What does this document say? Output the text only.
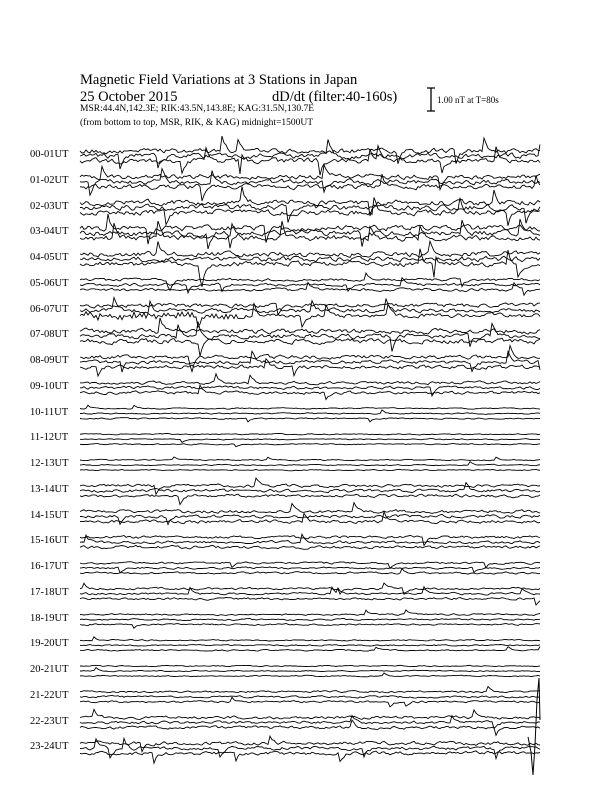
Magnetic Field Variations at 3 Stations in Japan
25 October 2015	dD/dt (filter:40-160s)
MSR:44.4N,142.3E; RIK:43.5N,143.8E; KAG:31.5N,130.7E
(from bottom to top, MSR, RIK, & KAG) midnight=1500UT
1.00 nT at T=80s
00-01UT
01-02UT
02-03UT
03-04UT
04-05UT
05-06UT
06-07UT
07-08UT
08-09UT
09-10UT
10-11UT
11-12UT
12-13UT
13-14UT
14-15UT
15-16UT
16-17UT
17-18UT
18-19UT
19-20UT
20-21UT
21-22UT
22-23UT
23-24UT
